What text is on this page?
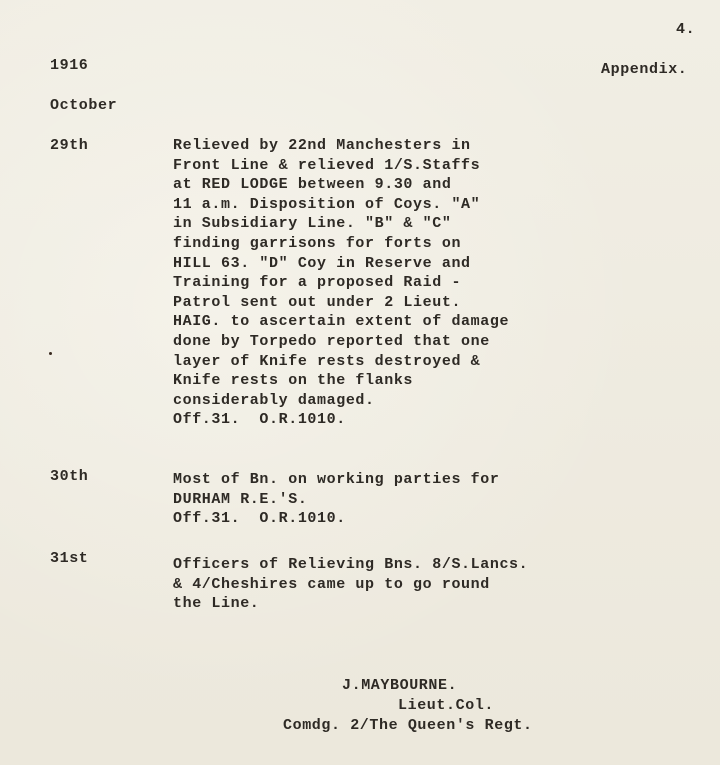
4.
1916	Appendix.
October
29th	Relieved by 22nd Manchesters in
Front Line & relieved 1/S.Staffs
at RED LODGE between 9.30 and
11 a.m. Disposition of Coys. "A"
in Subsidiary Line. "B" & "C"
finding garrisons for forts on
HILL 63. "D" Coy in Reserve and
Training for a proposed Raid -
Patrol sent out under 2 Lieut.
HAIG. to ascertain extent of damage
done by Torpedo reported that one
layer of Knife rests destroyed &
Knife rests on the flanks
considerably damaged.
Off.31.  O.R.1010.
30th	Most of Bn. on working parties for
DURHAM R.E.'S.
Off.31.  O.R.1010.
31st	Officers of Relieving Bns. 8/S.Lancs.
& 4/Cheshires came up to go round
the Line.
J.MAYBOURNE.
Lieut.Col.
Comdg. 2/The Queen's Regt.
